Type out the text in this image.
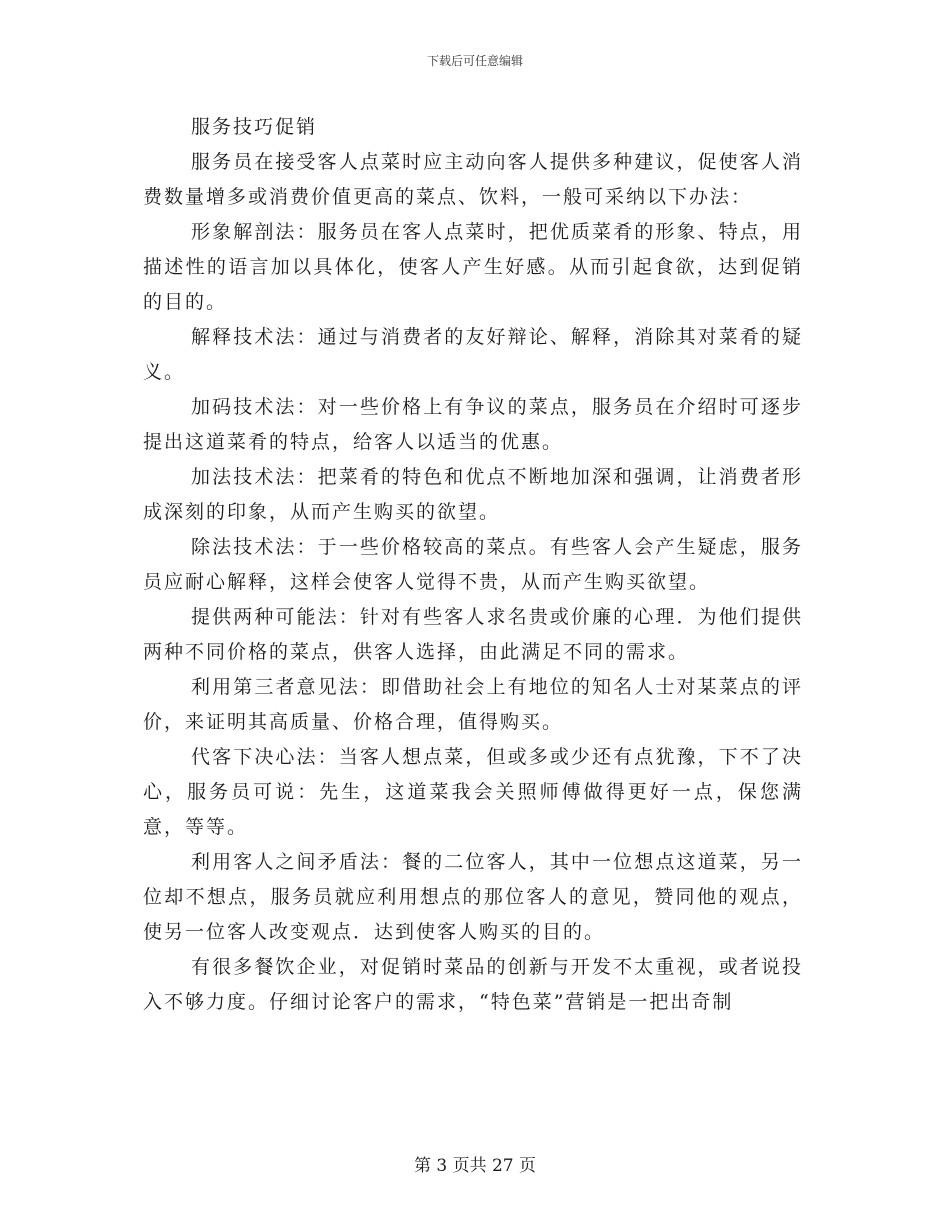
下载后可任意编辑

服务技巧促销

服务员在接受客人点菜时应主动向客人提供多种建议，促使客人消费数量增多或消费价值更高的菜点、饮料，一般可采纳以下办法：

形象解剖法：服务员在客人点菜时，把优质菜肴的形象、特点，用描述性的语言加以具体化，使客人产生好感。从而引起食欲，达到促销的目的。

解释技术法：通过与消费者的友好辩论、解释，消除其对菜肴的疑义。

加码技术法：对一些价格上有争议的菜点，服务员在介绍时可逐步提出这道菜肴的特点，给客人以适当的优惠。

加法技术法：把菜肴的特色和优点不断地加深和强调，让消费者形成深刻的印象，从而产生购买的欲望。

除法技术法：于一些价格较高的菜点。有些客人会产生疑虑，服务员应耐心解释，这样会使客人觉得不贵，从而产生购买欲望。

提供两种可能法：针对有些客人求名贵或价廉的心理．为他们提供两种不同价格的菜点，供客人选择，由此满足不同的需求。

利用第三者意见法：即借助社会上有地位的知名人士对某菜点的评价，来证明其高质量、价格合理，值得购买。

代客下决心法：当客人想点菜，但或多或少还有点犹豫，下不了决心，服务员可说：先生，这道菜我会关照师傅做得更好一点，保您满意，等等。

利用客人之间矛盾法：餐的二位客人，其中一位想点这道菜，另一位却不想点，服务员就应利用想点的那位客人的意见，赞同他的观点，使另一位客人改变观点．达到使客人购买的目的。

有很多餐饮企业，对促销时菜品的创新与开发不太重视，或者说投入不够力度。仔细讨论客户的需求，“特色菜”营销是一把出奇制

第 3 页共 27 页
